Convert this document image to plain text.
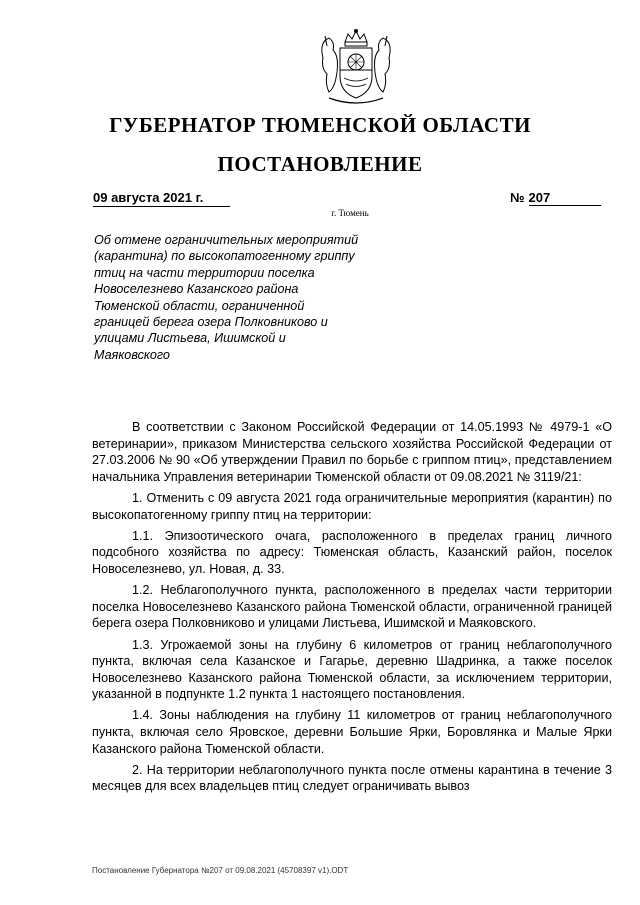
ГУБЕРНАТОР ТЮМЕНСКОЙ ОБЛАСТИ
ПОСТАНОВЛЕНИЕ
09 августа 2021 г.	№ 207
г. Тюмень

Об отмене ограничительных мероприятий (карантина) по высокопатогенному гриппу птиц на части территории поселка Новоселезнево Казанского района Тюменской области, ограниченной границей берега озера Полковниково и улицами Листьева, Ишимской и Маяковского

В соответствии с Законом Российской Федерации от 14.05.1993 № 4979-1 «О ветеринарии», приказом Министерства сельского хозяйства Российской Федерации от 27.03.2006 № 90 «Об утверждении Правил по борьбе с гриппом птиц», представлением начальника Управления ветеринарии Тюменской области от 09.08.2021 № 3119/21:

1. Отменить с 09 августа 2021 года ограничительные мероприятия (карантин) по высокопатогенному гриппу птиц на территории:

1.1. Эпизоотического очага, расположенного в пределах границ личного подсобного хозяйства по адресу: Тюменская область, Казанский район, поселок Новоселезнево, ул. Новая, д. 33.

1.2. Неблагополучного пункта, расположенного в пределах части территории поселка Новоселезнево Казанского района Тюменской области, ограниченной границей берега озера Полковниково и улицами Листьева, Ишимской и Маяковского.

1.3. Угрожаемой зоны на глубину 6 километров от границ неблагополучного пункта, включая села Казанское и Гагарье, деревню Шадринка, а также поселок Новоселезнево Казанского района Тюменской области, за исключением территории, указанной в подпункте 1.2 пункта 1 настоящего постановления.

1.4. Зоны наблюдения на глубину 11 километров от границ неблагополучного пункта, включая село Яровское, деревни Большие Ярки, Боровлянка и Малые Ярки Казанского района Тюменской области.

2. На территории неблагополучного пункта после отмены карантина в течение 3 месяцев для всех владельцев птиц следует ограничивать вывоз

Постановление Губернатора №207 от 09.08.2021 (45708397 v1).ODT
